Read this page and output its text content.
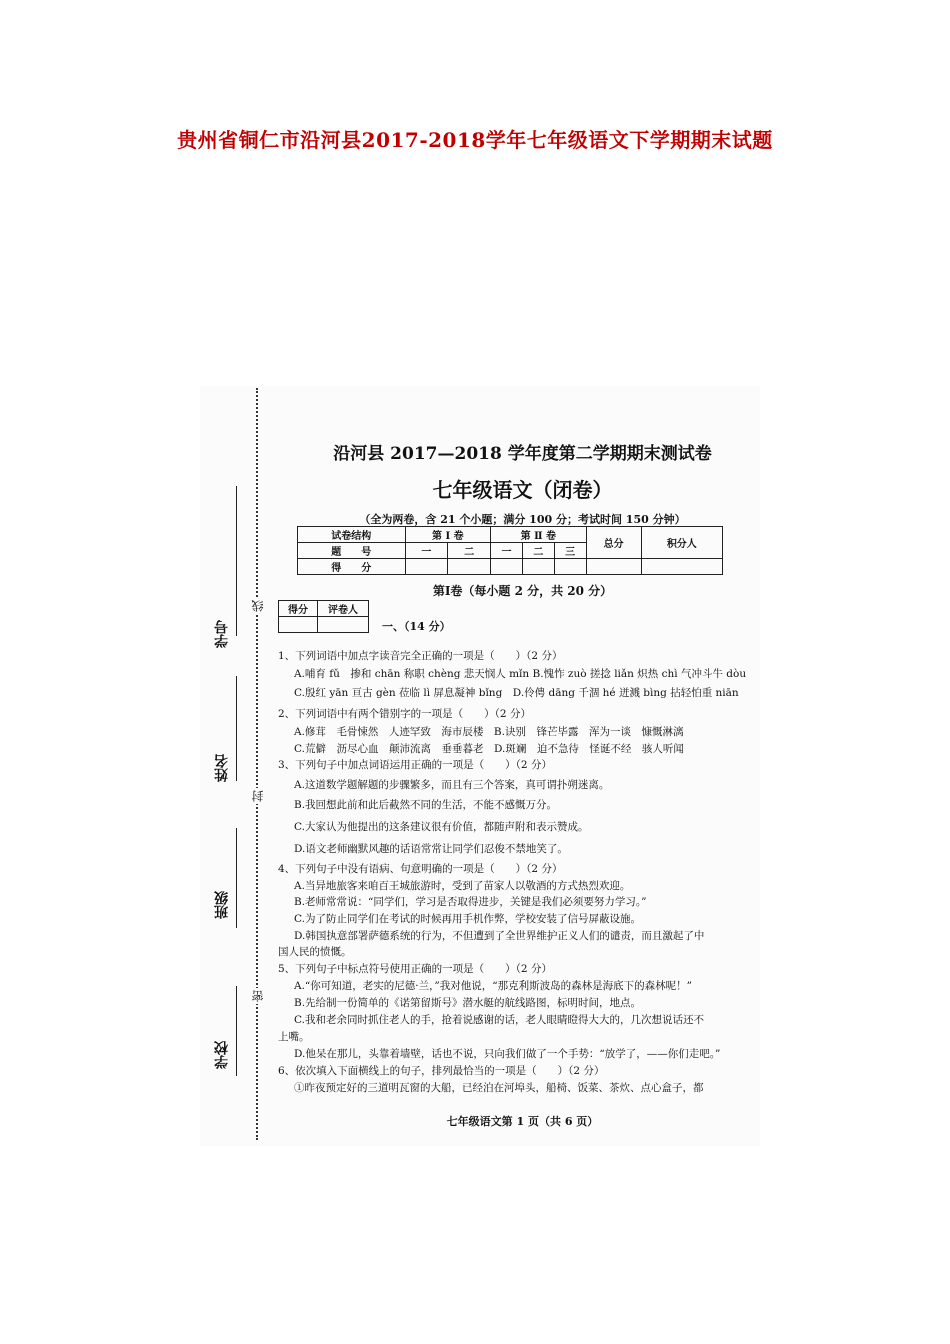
贵州省铜仁市沿河县2017-2018学年七年级语文下学期期末试题
线
封
密
学号
姓名
班级
学校
沿河县 2017—2018 学年度第二学期期末测试卷
七年级语文（闭卷）
（全为两卷，含 21 个小题；满分 100 分；考试时间 150 分钟）
试卷结构	第 Ⅰ 卷		第 Ⅱ 卷			总分	积分人
题　　号	一	二	一	二	三		
得　　分							
第Ⅰ卷（每小题 2 分，共 20 分）
得分	评卷人

一、（14 分）
1、下列词语中加点字读音完全正确的一项是（　　）（2 分）
A.哺育 fǔ　掺和 chān 称职 chèng 悲天悯人 mǐn B.愧怍 zuò 搓捻 liǎn 炽热 chì 气冲斗牛 dòu
C.殷红 yān 亘古 gèn 莅临 lì 屏息凝神 bǐng　D.伶俜 dāng 千涸 hé 迸溅 bìng 拈轻怕重 niān
2、下列词语中有两个错别字的一项是（　　）（2 分）
A.修茸　毛骨悚然　人迹罕致　海市辰楼　B.诀别　锋芒毕露　浑为一谈　慷慨淋漓
C.荒僻　沥尽心血　颠沛流离　垂垂暮老　D.斑斓　迫不急待　怪诞不经　骇人听闻
3、下列句子中加点词语运用正确的一项是（　　）（2 分）
A.这道数学题解题的步骤繁多，而且有三个答案，真可谓扑朔迷离。
B.我回想此前和此后截然不同的生活，不能不感慨万分。
C.大家认为他提出的这条建议很有价值，都随声附和表示赞成。
D.语文老师幽默风趣的话语常常让同学们忍俊不禁地笑了。
4、下列句子中没有语病、句意明确的一项是（　　）（2 分）
A.当异地旅客来咱百王城旅游时，受到了苗家人以敬酒的方式热烈欢迎。
B.老师常常说：“同学们，学习是否取得进步，关键是我们必须要努力学习。”
C.为了防止同学们在考试的时候再用手机作弊，学校安装了信号屏蔽设施。
D.韩国执意部署萨德系统的行为，不但遭到了全世界维护正义人们的谴责，而且激起了中
国人民的愤慨。
5、下列句子中标点符号使用正确的一项是（　　）（2 分）
A.“你可知道，老实的尼德·兰，”我对他说，“那克利斯波岛的森林是海底下的森林呢！”
B.先给制一份简单的《诺第留斯号》潜水艇的航线路图，标明时间，地点。
C.我和老余同时抓住老人的手，抢着说感谢的话，老人眼睛瞪得大大的，几次想说话还不
上嘴。
D.他呆在那儿，头靠着墙壁，话也不说，只向我们做了一个手势：“放学了，——你们走吧。”
6、依次填入下面横线上的句子，排列最恰当的一项是（　　）（2 分）
①昨夜预定好的三道明瓦窗的大船，已经泊在河埠头，船椅、饭菜、茶炊、点心盒子，都
七年级语文第 1 页（共 6 页）
